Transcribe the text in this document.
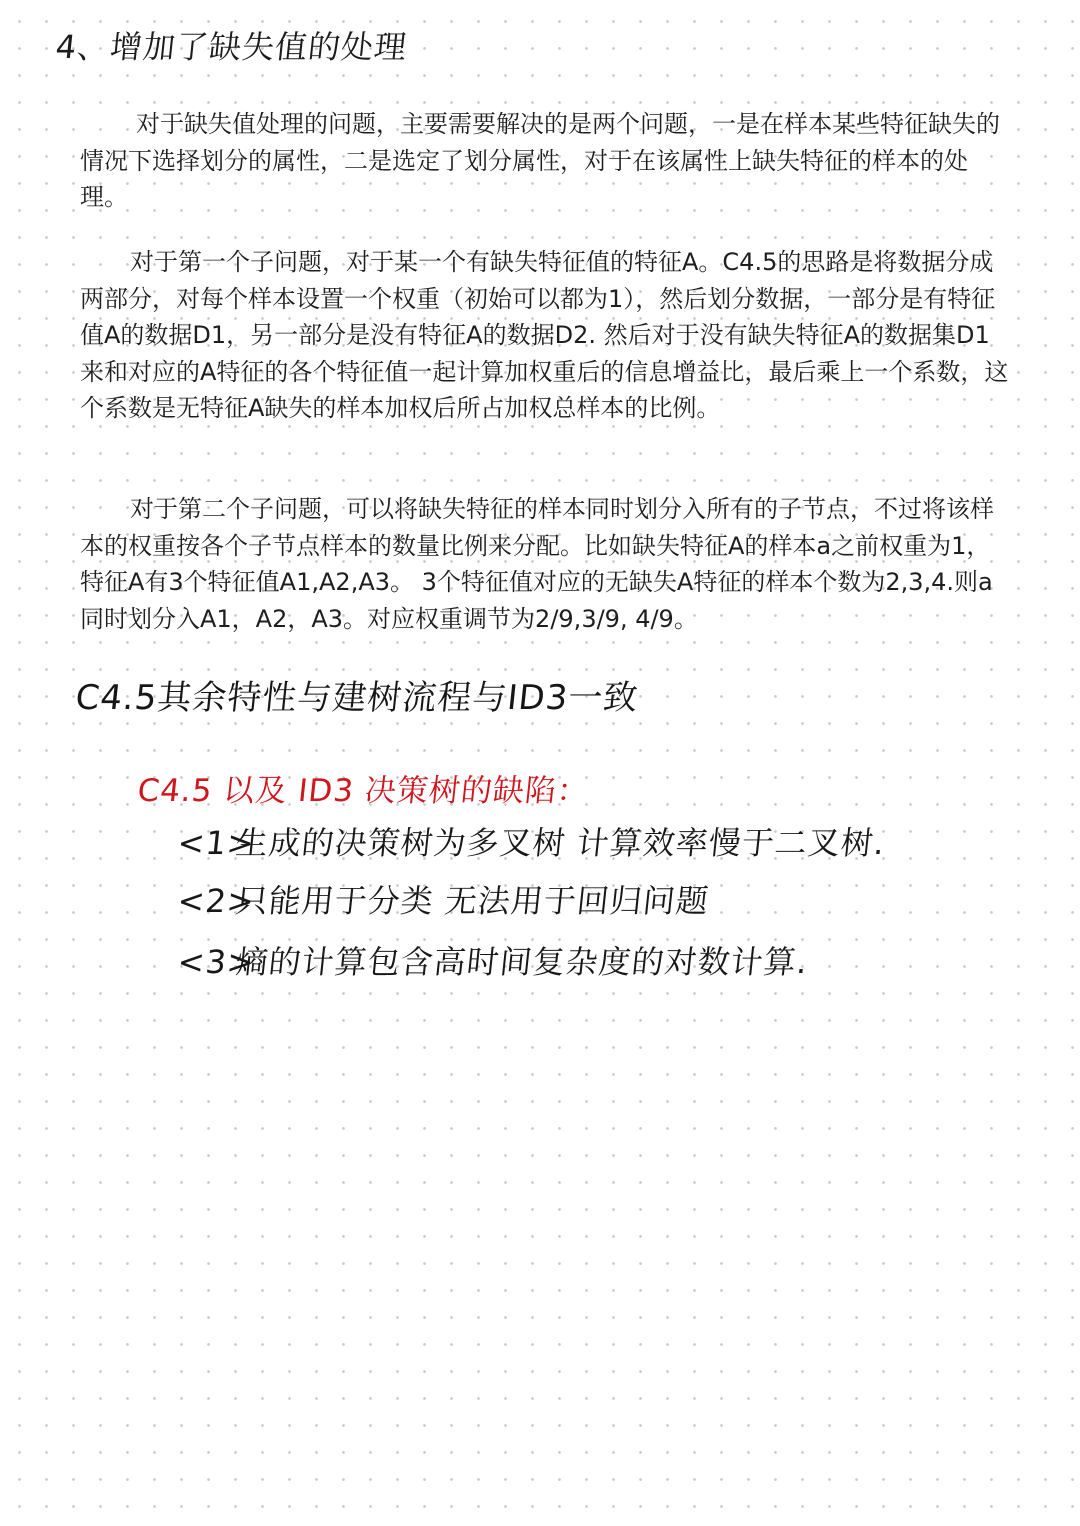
4、增加了缺失值的处理

对于缺失值处理的问题，主要需要解决的是两个问题，一是在样本某些特征缺失的情况下选择划分的属性，二是选定了划分属性，对于在该属性上缺失特征的样本的处理。

对于第一个子问题，对于某一个有缺失特征值的特征A。C4.5的思路是将数据分成两部分，对每个样本设置一个权重（初始可以都为1），然后划分数据，一部分是有特征值A的数据D1，另一部分是没有特征A的数据D2. 然后对于没有缺失特征A的数据集D1来和对应的A特征的各个特征值一起计算加权重后的信息增益比，最后乘上一个系数，这个系数是无特征A缺失的样本加权后所占加权总样本的比例。

对于第二个子问题，可以将缺失特征的样本同时划分入所有的子节点，不过将该样本的权重按各个子节点样本的数量比例来分配。比如缺失特征A的样本a之前权重为1，特征A有3个特征值A1,A2,A3。 3个特征值对应的无缺失A特征的样本个数为2,3,4.则a同时划分入A1，A2，A3。对应权重调节为2/9,3/9, 4/9。

C4.5其余特性与建树流程与ID3一致
C4.5 以及 ID3 决策树的缺陷：
<1>生成的决策树为多叉树 计算效率慢于二叉树.
<2>只能用于分类 无法用于回归问题
<3>熵的计算包含高时间复杂度的对数计算.
